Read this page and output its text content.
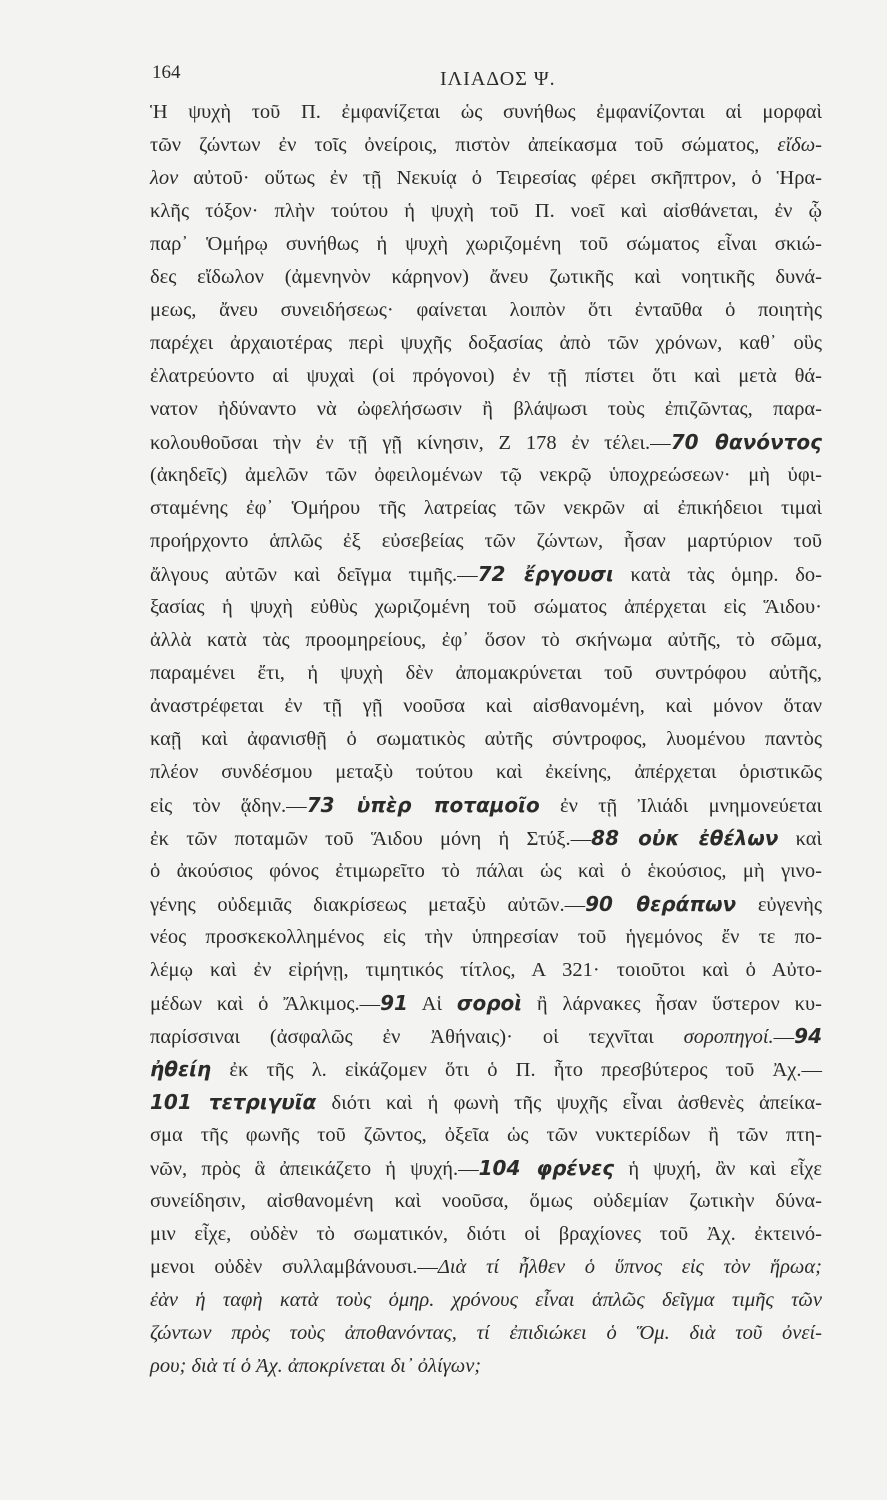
164	ΙΛΙΑΔΟΣ Ψ.
Ἡ ψυχὴ τοῦ Π. ἐμφανίζεται ὡς συνήθως ἐμφανίζονται αἱ μορφαὶ
τῶν ζώντων ἐν τοῖς ὀνείροις, πιστὸν ἀπείκασμα τοῦ σώματος, εἴδω-
λον αὐτοῦ· οὕτως ἐν τῇ Νεκυίᾳ ὁ Τειρεσίας φέρει σκῆπτρον, ὁ Ἡρα-
κλῆς τόξον· πλὴν τούτου ἡ ψυχὴ τοῦ Π. νοεῖ καὶ αἰσθάνεται, ἐν ᾧ
παρ᾽ Ὁμήρῳ συνήθως ἡ ψυχὴ χωριζομένη τοῦ σώματος εἶναι σκιώ-
δες εἴδωλον (ἀμενηνὸν κάρηνον) ἄνευ ζωτικῆς καὶ νοητικῆς δυνά-
μεως, ἄνευ συνειδήσεως· φαίνεται λοιπὸν ὅτι ἐνταῦθα ὁ ποιητὴς
παρέχει ἀρχαιοτέρας περὶ ψυχῆς δοξασίας ἀπὸ τῶν χρόνων, καθ᾽ οὓς
ἐλατρεύοντο αἱ ψυχαὶ (οἱ πρόγονοι) ἐν τῇ πίστει ὅτι καὶ μετὰ θά-
νατον ἠδύναντο νὰ ὠφελήσωσιν ἢ βλάψωσι τοὺς ἐπιζῶντας, παρα-
κολουθοῦσαι τὴν ἐν τῇ γῇ κίνησιν, Ζ 178 ἐν τέλει.—70 θανόντος
(ἀκηδεῖς) ἀμελῶν τῶν ὀφειλομένων τῷ νεκρῷ ὑποχρεώσεων· μὴ ὑφι-
σταμένης ἐφ᾽ Ὁμήρου τῆς λατρείας τῶν νεκρῶν αἱ ἐπικήδειοι τιμαὶ
προήρχοντο ἁπλῶς ἐξ εὐσεβείας τῶν ζώντων, ἦσαν μαρτύριον τοῦ
ἄλγους αὐτῶν καὶ δεῖγμα τιμῆς.—72 ἔργουσι κατὰ τὰς ὁμηρ. δο-
ξασίας ἡ ψυχὴ εὐθὺς χωριζομένη τοῦ σώματος ἀπέρχεται εἰς Ἅιδου·
ἀλλὰ κατὰ τὰς προομηρείους, ἐφ᾽ ὅσον τὸ σκήνωμα αὐτῆς, τὸ σῶμα,
παραμένει ἔτι, ἡ ψυχὴ δὲν ἀπομακρύνεται τοῦ συντρόφου αὐτῆς,
ἀναστρέφεται ἐν τῇ γῇ νοοῦσα καὶ αἰσθανομένη, καὶ μόνον ὅταν
καῇ καὶ ἀφανισθῇ ὁ σωματικὸς αὐτῆς σύντροφος, λυομένου παντὸς
πλέον συνδέσμου μεταξὺ τούτου καὶ ἐκείνης, ἀπέρχεται ὁριστικῶς
εἰς τὸν ᾅδην.—73 ὑπὲρ ποταμοῖο ἐν τῇ Ἰλιάδι μνημονεύεται
ἐκ τῶν ποταμῶν τοῦ Ἅιδου μόνη ἡ Στύξ.—88 οὐκ ἐθέλων καὶ
ὁ ἀκούσιος φόνος ἐτιμωρεῖτο τὸ πάλαι ὡς καὶ ὁ ἑκούσιος, μὴ γινο-
γένης οὐδεμιᾶς διακρίσεως μεταξὺ αὐτῶν.—90 θεράπων εὐγενὴς
νέος προσκεκολλημένος εἰς τὴν ὑπηρεσίαν τοῦ ἡγεμόνος ἔν τε πο-
λέμῳ καὶ ἐν εἰρήνῃ, τιμητικός τίτλος, Α 321· τοιοῦτοι καὶ ὁ Αὐτο-
μέδων καὶ ὁ Ἄλκιμος.—91 Αἱ σοροὶ ἢ λάρνακες ἦσαν ὕστερον κυ-
παρίσσιναι (ἀσφαλῶς ἐν Ἀθήναις)· οἱ τεχνῖται σοροπηγοί.—94
ἠθείη ἐκ τῆς λ. εἰκάζομεν ὅτι ὁ Π. ἦτο πρεσβύτερος τοῦ Ἀχ.—
101 τετριγυῖα διότι καὶ ἡ φωνὴ τῆς ψυχῆς εἶναι ἀσθενὲς ἀπείκα-
σμα τῆς φωνῆς τοῦ ζῶντος, ὀξεῖα ὡς τῶν νυκτερίδων ἢ τῶν πτη-
νῶν, πρὸς ἃ ἀπεικάζετο ἡ ψυχή.—104 φρένες ἡ ψυχή, ἂν καὶ εἶχε
συνείδησιν, αἰσθανομένη καὶ νοοῦσα, ὅμως οὐδεμίαν ζωτικὴν δύνα-
μιν εἶχε, οὐδὲν τὸ σωματικόν, διότι οἱ βραχίονες τοῦ Ἀχ. ἐκτεινό-
μενοι οὐδὲν συλλαμβάνουσι.—Διὰ τί ἦλθεν ὁ ὕπνος εἰς τὸν ἥρωα;
ἐὰν ἡ ταφὴ κατὰ τοὺς ὁμηρ. χρόνους εἶναι ἁπλῶς δεῖγμα τιμῆς τῶν
ζώντων πρὸς τοὺς ἀποθανόντας, τί ἐπιδιώκει ὁ Ὅμ. διὰ τοῦ ὀνεί-
ρου; διὰ τί ὁ Ἀχ. ἀποκρίνεται δι᾽ ὀλίγων;
